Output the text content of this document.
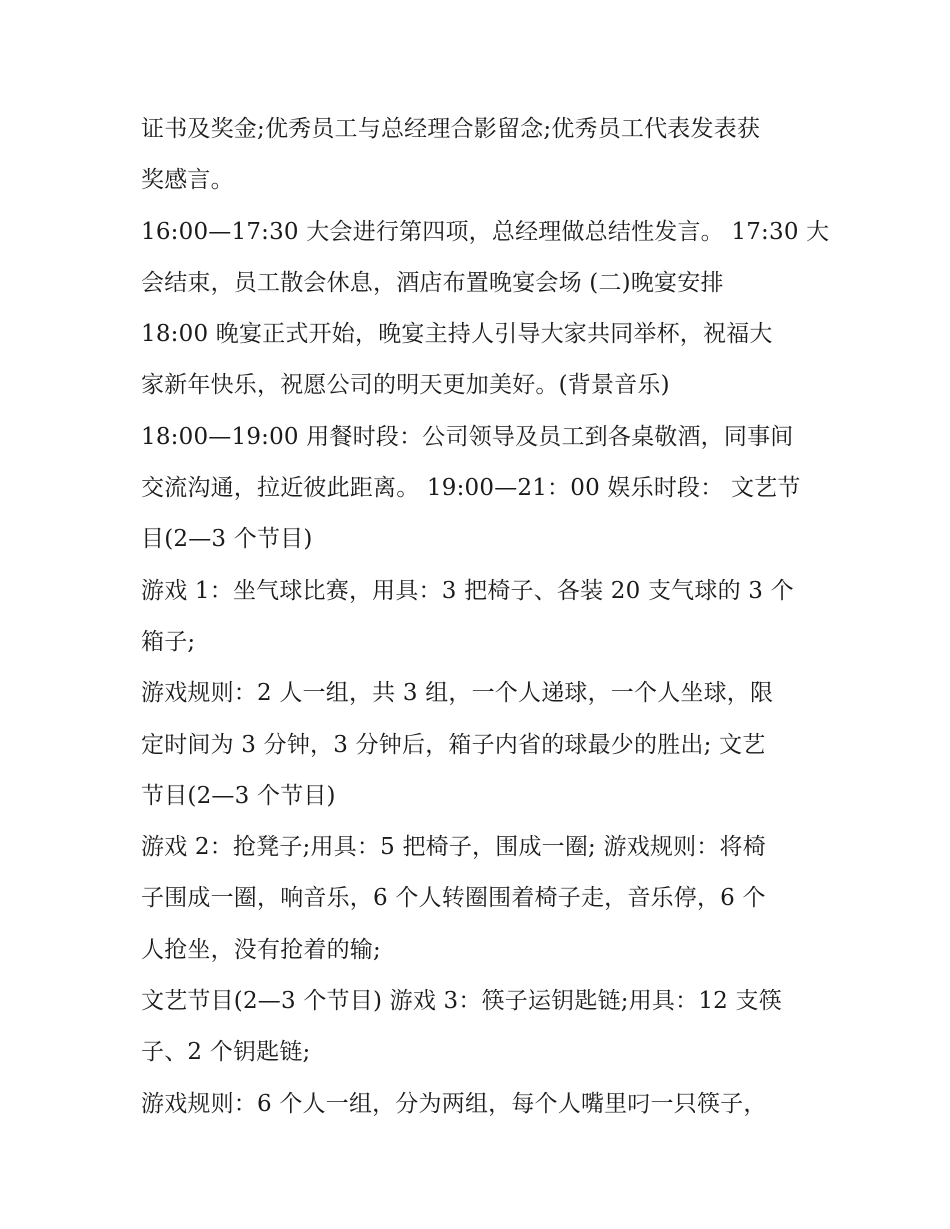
证书及奖金;优秀员工与总经理合影留念;优秀员工代表发表获
奖感言。
16:00—17:30 大会进行第四项，总经理做总结性发言。 17:30 大
会结束，员工散会休息，酒店布置晚宴会场 (二)晚宴安排
18:00 晚宴正式开始，晚宴主持人引导大家共同举杯，祝福大
家新年快乐，祝愿公司的明天更加美好。(背景音乐)
18:00—19:00 用餐时段：公司领导及员工到各桌敬酒，同事间
交流沟通，拉近彼此距离。 19:00—21：00 娱乐时段： 文艺节
目(2—3 个节目)
游戏 1：坐气球比赛，用具：3 把椅子、各装 20 支气球的 3 个
箱子;
游戏规则：2 人一组，共 3 组，一个人递球，一个人坐球，限
定时间为 3 分钟，3 分钟后，箱子内省的球最少的胜出; 文艺
节目(2—3 个节目)
游戏 2：抢凳子;用具：5 把椅子，围成一圈; 游戏规则：将椅
子围成一圈，响音乐，6 个人转圈围着椅子走，音乐停，6 个
人抢坐，没有抢着的输;
文艺节目(2—3 个节目) 游戏 3：筷子运钥匙链;用具：12 支筷
子、2 个钥匙链;
游戏规则：6 个人一组，分为两组，每个人嘴里叼一只筷子，
